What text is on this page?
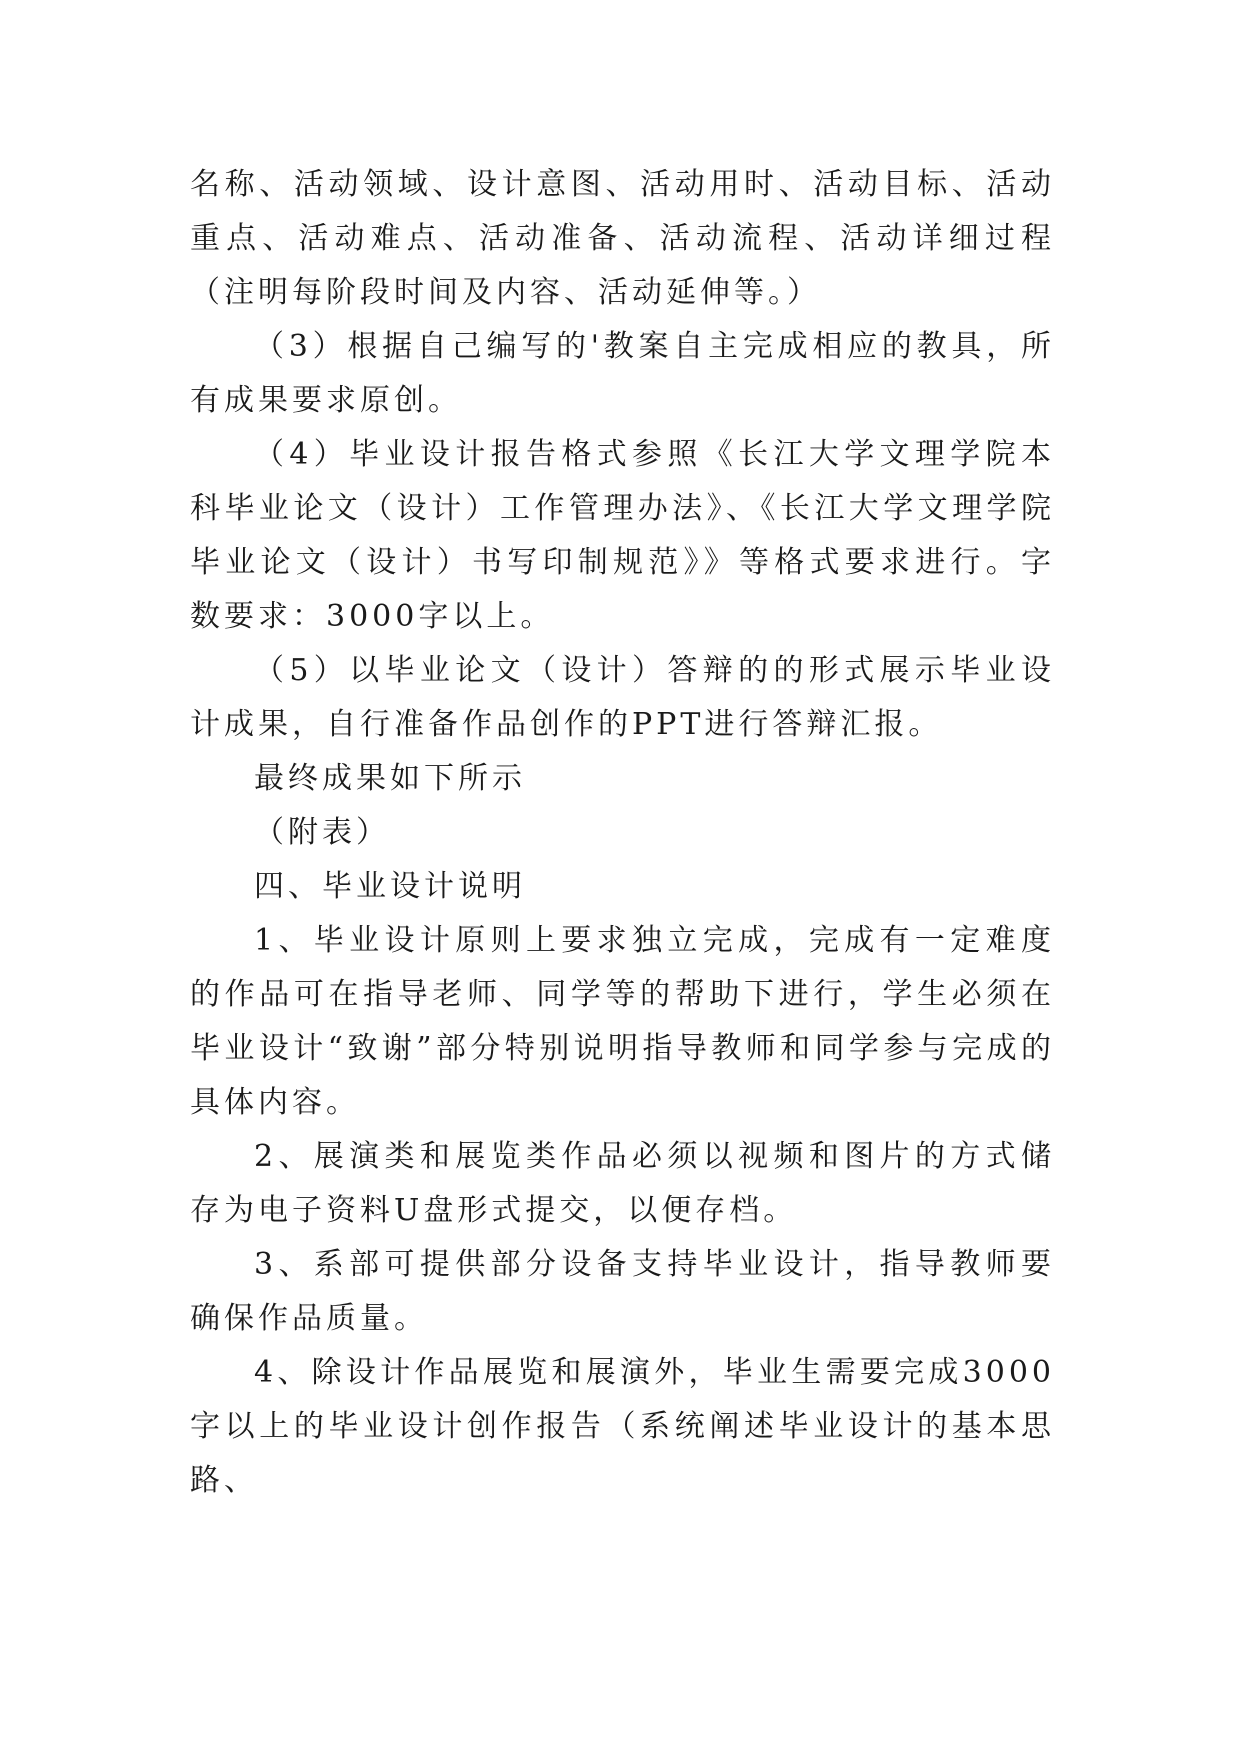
名称、活动领域、设计意图、活动用时、活动目标、活动重点、活动难点、活动准备、活动流程、活动详细过程（注明每阶段时间及内容、活动延伸等。）

（3）根据自己编写的'教案自主完成相应的教具，所有成果要求原创。

（4）毕业设计报告格式参照《长江大学文理学院本科毕业论文（设计）工作管理办法》、《长江大学文理学院毕业论文（设计）书写印制规范》》等格式要求进行。字数要求：3000字以上。

（5）以毕业论文（设计）答辩的的形式展示毕业设计成果，自行准备作品创作的PPT进行答辩汇报。

最终成果如下所示

（附表）

四、毕业设计说明

1、毕业设计原则上要求独立完成，完成有一定难度的作品可在指导老师、同学等的帮助下进行，学生必须在毕业设计“致谢”部分特别说明指导教师和同学参与完成的具体内容。

2、展演类和展览类作品必须以视频和图片的方式储存为电子资料U盘形式提交，以便存档。

3、系部可提供部分设备支持毕业设计，指导教师要确保作品质量。

4、除设计作品展览和展演外，毕业生需要完成3000字以上的毕业设计创作报告（系统阐述毕业设计的基本思路、
